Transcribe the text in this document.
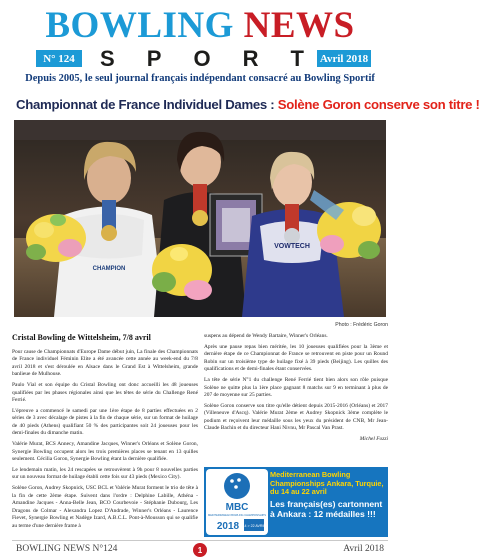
BOWLING NEWS
N° 124	S P O R T Avril 2018
Depuis 2005, le seul journal français indépendant consacré au Bowling Sportif
Championnat de France Individuel Dames : Solène Goron conserve son titre !
CHAMPION
VOWTECH
Photo : Frédéric Goron
Cristal Bowling de Wittelsheim, 7/8 avril

Pour cause de Championnats d'Europe Dame début juin, La finale des Championnats de France individuel Féminin Elite a été avancée cette année au week-end du 7/8 avril 2018 et s'est déroulée en Alsace dans le Grand Est à Wittelsheim, grande banlieue de Mulhouse.

Paulo Vial et son équipe du Cristal Bowling ont donc accueilli les 48 joueuses qualifiées par les phases régionales ainsi que les têtes de série du Challenge René Ferrié.

L'épreuve a commencé le samedi par une 1ère étape de 8 parties effectuées en 2 séries de 3 avec décalage de pistes à la fin de chaque série, sur un format de huilage de 40 pieds (Athens) qualifiant 50 % des participantes soit 24 joueuses pour les demi-finales du dimanche matin.

Valérie Murat, BCS Annecy, Amandine Jacques, Winner's Orléans et Solène Goron, Synergie Bowling occupent alors les trois premières places se tenant en 13 quilles seulement. Cécilia Goron, Synergie Bowling étant la dernière qualifiée.

Le lendemain matin, les 24 rescapées se retrouvèrent à 9h pour 8 nouvelles parties sur un nouveau format de huilage établi cette fois sur 43 pieds (Mexico City).

Solène Goron, Audrey Skopnick, USC BCL et Valérie Murat forment le trio de tête à la fin de cette 2ème étape. Suivent dans l'ordre : Delphine Labille, Athéna - Amandine Jacques - Anna-Belle Jean, BCO Courbevoie - Stéphanie Dubourg, Les Dragons de Colmar - Alexandra Lopez D'Andrade, Winner's Orléans - Laurence Fievet, Synergie Bowling et Nadège Izard, A.B.C.L. Pont-à-Mousson qui se qualifie au terme d'une dernière frame à

suspens au dépend de Wendy Bartaire, Winner's Orléans.

Après une pause repas bien méritée, les 10 joueuses qualifiées pour la 3ème et dernière étape de ce Championnat de France se retrouvent en piste pour un Round Robin sur un troisième type de huilage fixé à 39 pieds (Beijing). Les quilles des qualifications et de demi-finales étant conservées.

La tête de série N°1 du challenge René Ferrié tient bien alors son rôle puisque Solène ne quitte plus la 1ère place gagnant 8 matchs sur 9 en terminant à plus de 207 de moyenne sur 25 parties.

Solène Goron conserve son titre qu'elle détient depuis 2015-2016 (Orléans) et 2017 (Villeneuve d'Ascq). Valérie Murat 2ème et Audrey Skopnick 3ème complète le podium et reçoivent leur médaille sous les yeux du président de CNB, Mr Jean-Claude Bachin et du directeur Hani Nivnu, Mr Pascal Van Prast.

Michel Fozzi
MBC
MEDITERRANEAN BOWLING CHAMPIONSHIPS
2018 14 > 22 AVRIL
Mediterranean Bowling Championships Ankara, Turquie, du 14 au 22 avril
Les français(es) cartonnent à Ankara : 12 médailles !!!
BOWLING NEWS N°124	1	Avril 2018
